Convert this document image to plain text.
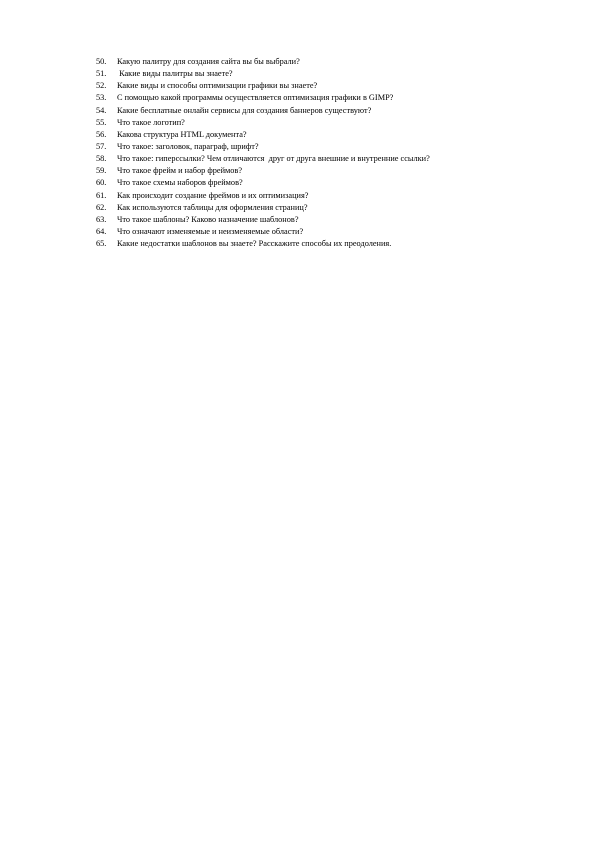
50.	Какую палитру для создания сайта вы бы выбрали?
51.	Какие виды палитры вы знаете?
52.	Какие виды и способы оптимизации графики вы знаете?
53.	С помощью какой программы осуществляется оптимизация графики в GIMP?
54.	Какие бесплатные онлайн сервисы для создания баннеров существуют?
55.	Что такое логотип?
56.	Какова структура HTML документа?
57.	Что такое: заголовок, параграф, шрифт?
58.	Что такое: гиперссылки? Чем отличаются  друг от друга внешние и внутренние ссылки?
59.	Что такое фрейм и набор фреймов?
60.	Что такое схемы наборов фреймов?
61.	Как происходит создание фреймов и их оптимизация?
62.	Как используются таблицы для оформления страниц?
63.	Что такое шаблоны? Каково назначение шаблонов?
64.	Что означают изменяемые и неизменяемые области?
65.	Какие недостатки шаблонов вы знаете? Расскажите способы их преодоления.
